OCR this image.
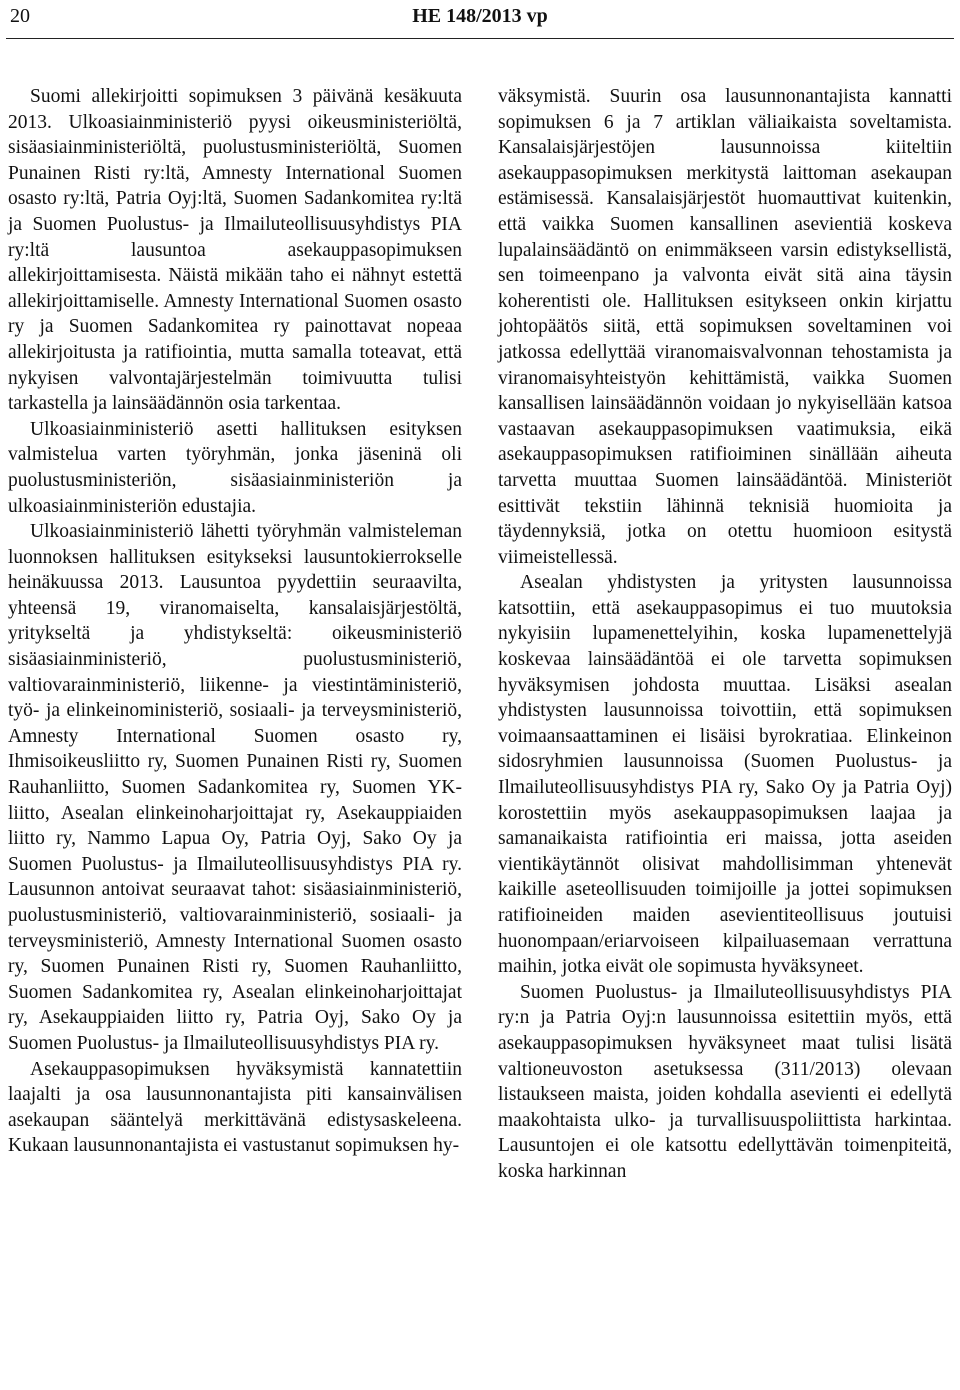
20	HE 148/2013 vp

Suomi allekirjoitti sopimuksen 3 päivänä kesäkuuta 2013. Ulkoasiainministeriö pyysi oikeusministeriöltä, sisäasiainministeriöltä, puolustusministeriöltä, Suomen Punainen Risti ry:ltä, Amnesty International Suomen osasto ry:ltä, Patria Oyj:ltä, Suomen Sadankomitea ry:ltä ja Suomen Puolustus- ja Ilmailuteollisuusyhdistys PIA ry:ltä lausuntoa asekauppasopimuksen allekirjoittamisesta. Näistä mikään taho ei nähnyt estettä allekirjoittamiselle. Amnesty International Suomen osasto ry ja Suomen Sadankomitea ry painottavat nopeaa allekirjoitusta ja ratifiointia, mutta samalla toteavat, että nykyisen valvontajärjestelmän toimivuutta tulisi tarkastella ja lainsäädännön osia tarkentaa.

Ulkoasiainministeriö asetti hallituksen esityksen valmistelua varten työryhmän, jonka jäseninä oli puolustusministeriön, sisäasiainministeriön ja ulkoasiainministeriön edustajia.

Ulkoasiainministeriö lähetti työryhmän valmisteleman luonnoksen hallituksen esitykseksi lausuntokierrokselle heinäkuussa 2013. Lausuntoa pyydettiin seuraavilta, yhteensä 19, viranomaiselta, kansalaisjärjestöltä, yritykseltä ja yhdistykseltä: oikeusministeriö sisäasiainministeriö, puolustusministeriö, valtiovarainministeriö, liikenne- ja viestintäministeriö, työ- ja elinkeinoministeriö, sosiaali- ja terveysministeriö, Amnesty International Suomen osasto ry, Ihmisoikeusliitto ry, Suomen Punainen Risti ry, Suomen Rauhanliitto, Suomen Sadankomitea ry, Suomen YK-liitto, Asealan elinkeinoharjoittajat ry, Asekauppiaiden liitto ry, Nammo Lapua Oy, Patria Oyj, Sako Oy ja Suomen Puolustus- ja Ilmailuteollisuusyhdistys PIA ry. Lausunnon antoivat seuraavat tahot: sisäasiainministeriö, puolustusministeriö, valtiovarainministeriö, sosiaali- ja terveysministeriö, Amnesty International Suomen osasto ry, Suomen Punainen Risti ry, Suomen Rauhanliitto, Suomen Sadankomitea ry, Asealan elinkeinoharjoittajat ry, Asekauppiaiden liitto ry, Patria Oyj, Sako Oy ja Suomen Puolustus- ja Ilmailuteollisuusyhdistys PIA ry.

Asekauppasopimuksen hyväksymistä kannatettiin laajalti ja osa lausunnonantajista piti kansainvälisen asekaupan sääntelyä merkittävänä edistysaskeleena. Kukaan lausunnonantajista ei vastustanut sopimuksen hy-

väksymistä. Suurin osa lausunnonantajista kannatti sopimuksen 6 ja 7 artiklan väliaikaista soveltamista. Kansalaisjärjestöjen lausunnoissa kiiteltiin asekauppasopimuksen merkitystä laittoman asekaupan estämisessä. Kansalaisjärjestöt huomauttivat kuitenkin, että vaikka Suomen kansallinen asevientiä koskeva lupalainsäädäntö on enimmäkseen varsin edistyksellistä, sen toimeenpano ja valvonta eivät sitä aina täysin koherentisti ole. Hallituksen esitykseen onkin kirjattu johtopäätös siitä, että sopimuksen soveltaminen voi jatkossa edellyttää viranomaisvalvonnan tehostamista ja viranomaisyhteistyön kehittämistä, vaikka Suomen kansallisen lainsäädännön voidaan jo nykyisellään katsoa vastaavan asekauppasopimuksen vaatimuksia, eikä asekauppasopimuksen ratifioiminen sinällään aiheuta tarvetta muuttaa Suomen lainsäädäntöä. Ministeriöt esittivät tekstiin lähinnä teknisiä huomioita ja täydennyksiä, jotka on otettu huomioon esitystä viimeistellessä.

Asealan yhdistysten ja yritysten lausunnoissa katsottiin, että asekauppasopimus ei tuo muutoksia nykyisiin lupamenettelyihin, koska lupamenettelyjä koskevaa lainsäädäntöä ei ole tarvetta sopimuksen hyväksymisen johdosta muuttaa. Lisäksi asealan yhdistysten lausunnoissa toivottiin, että sopimuksen voimaansaattaminen ei lisäisi byrokratiaa. Elinkeinon sidosryhmien lausunnoissa (Suomen Puolustus- ja Ilmailuteollisuusyhdistys PIA ry, Sako Oy ja Patria Oyj) korostettiin myös asekauppasopimuksen laajaa ja samanaikaista ratifiointia eri maissa, jotta aseiden vientikäytännöt olisivat mahdollisimman yhtenevät kaikille aseteollisuuden toimijoille ja jottei sopimuksen ratifioineiden maiden asevientiteollisuus joutuisi huonompaan/eriarvoiseen kilpailuasemaan verrattuna maihin, jotka eivät ole sopimusta hyväksyneet.

Suomen Puolustus- ja Ilmailuteollisuusyhdistys PIA ry:n ja Patria Oyj:n lausunnoissa esitettiin myös, että asekauppasopimuksen hyväksyneet maat tulisi lisätä valtioneuvoston asetuksessa (311/2013) olevaan listaukseen maista, joiden kohdalla asevienti ei edellytä maakohtaista ulko- ja turvallisuuspoliittista harkintaa. Lausuntojen ei ole katsottu edellyttävän toimenpiteitä, koska harkinnan
